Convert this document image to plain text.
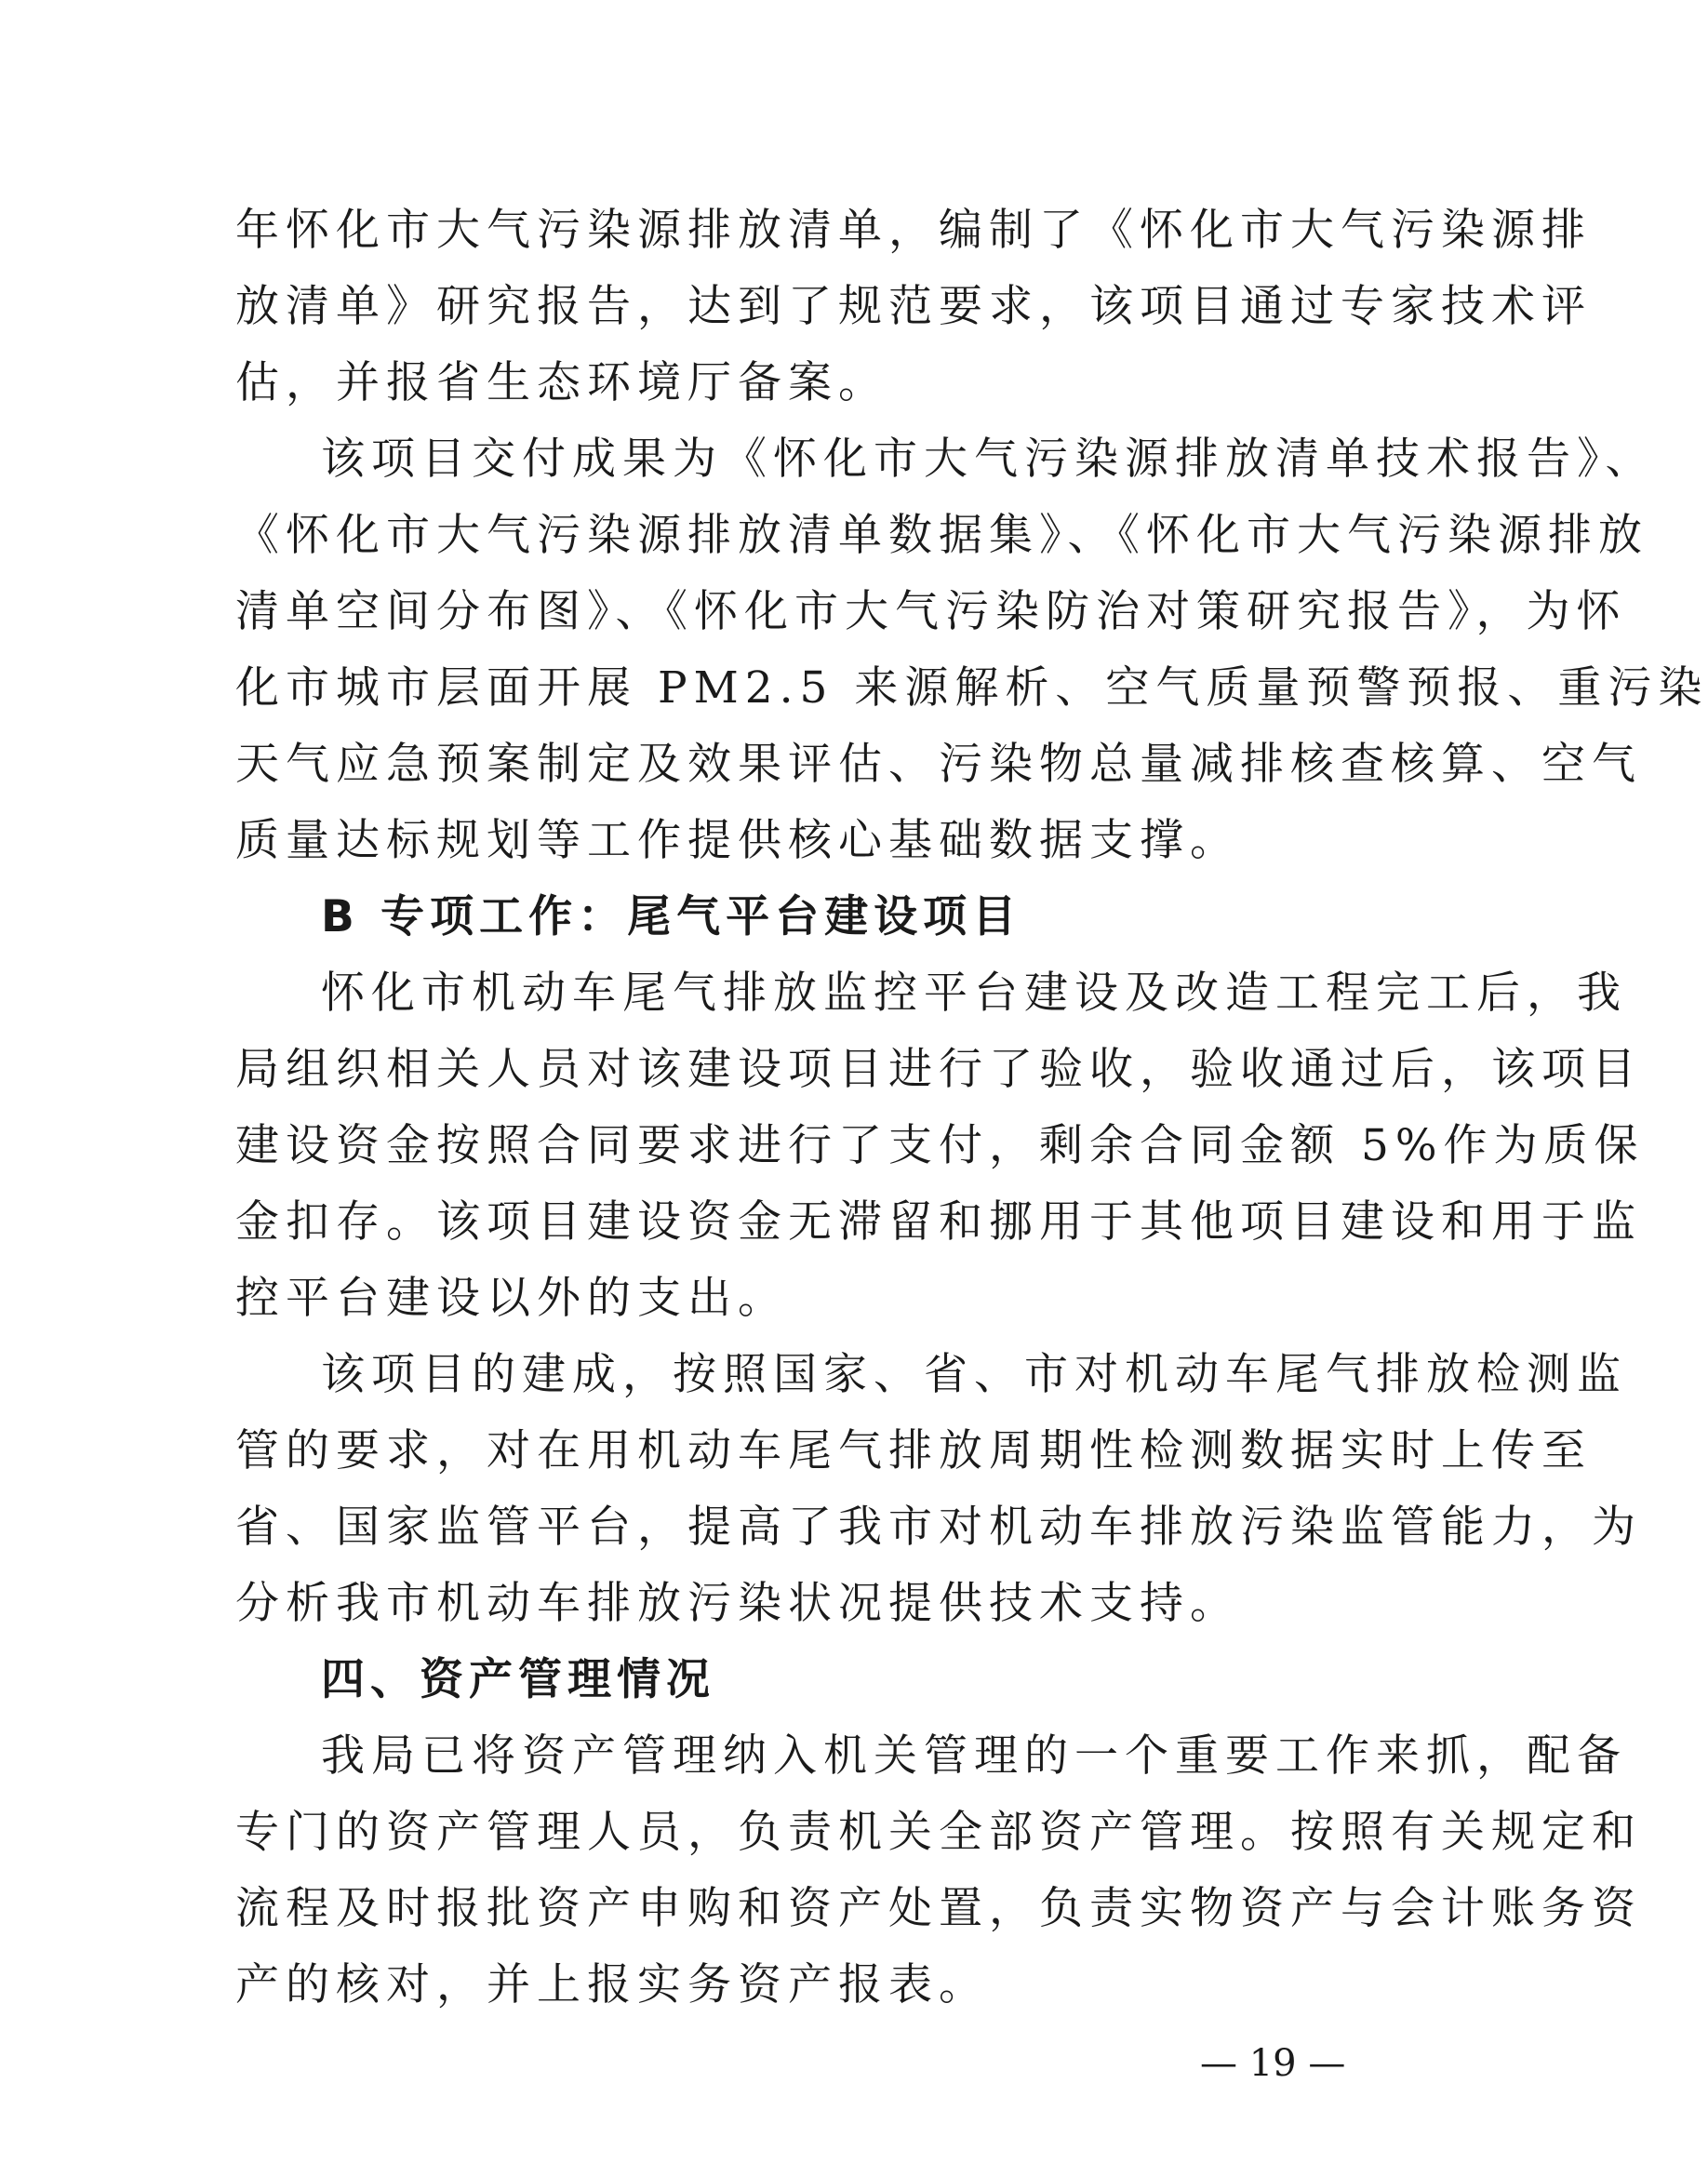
年怀化市大气污染源排放清单，编制了《怀化市大气污染源排
放清单》研究报告，达到了规范要求，该项目通过专家技术评
估，并报省生态环境厅备案。
该项目交付成果为《怀化市大气污染源排放清单技术报告》、
《怀化市大气污染源排放清单数据集》、《怀化市大气污染源排放
清单空间分布图》、《怀化市大气污染防治对策研究报告》，为怀
化市城市层面开展 PM2.5 来源解析、空气质量预警预报、重污染
天气应急预案制定及效果评估、污染物总量减排核查核算、空气
质量达标规划等工作提供核心基础数据支撑。
B 专项工作：尾气平台建设项目
怀化市机动车尾气排放监控平台建设及改造工程完工后，我
局组织相关人员对该建设项目进行了验收，验收通过后，该项目
建设资金按照合同要求进行了支付，剩余合同金额 5%作为质保
金扣存。该项目建设资金无滞留和挪用于其他项目建设和用于监
控平台建设以外的支出。
该项目的建成，按照国家、省、市对机动车尾气排放检测监
管的要求，对在用机动车尾气排放周期性检测数据实时上传至
省、国家监管平台，提高了我市对机动车排放污染监管能力，为
分析我市机动车排放污染状况提供技术支持。
四、资产管理情况
我局已将资产管理纳入机关管理的一个重要工作来抓，配备
专门的资产管理人员，负责机关全部资产管理。按照有关规定和
流程及时报批资产申购和资产处置，负责实物资产与会计账务资
产的核对，并上报实务资产报表。
— 19 —
